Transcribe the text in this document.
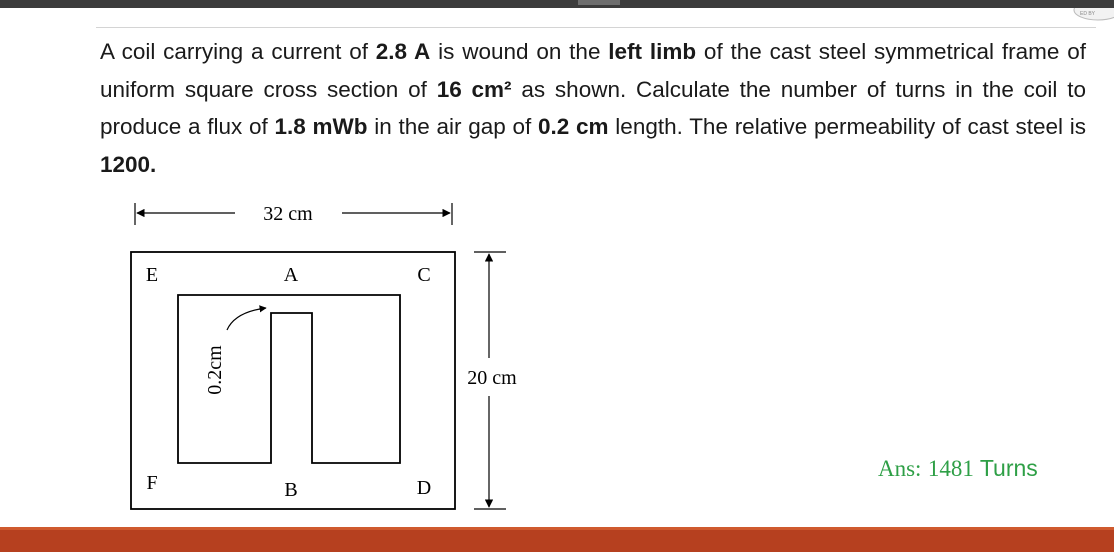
ED BY

A coil carrying a current of 2.8 A is wound on the left limb of the cast steel symmetrical frame of uniform square cross section of 16 cm² as shown. Calculate the number of turns in the coil to produce a flux of 1.8 mWb in the air gap of 0.2 cm length. The relative permeability of cast steel is 1200.

32 cm
0.2cm
E	A	C
F	B	D
20 cm
Ans: 1481 Turns
